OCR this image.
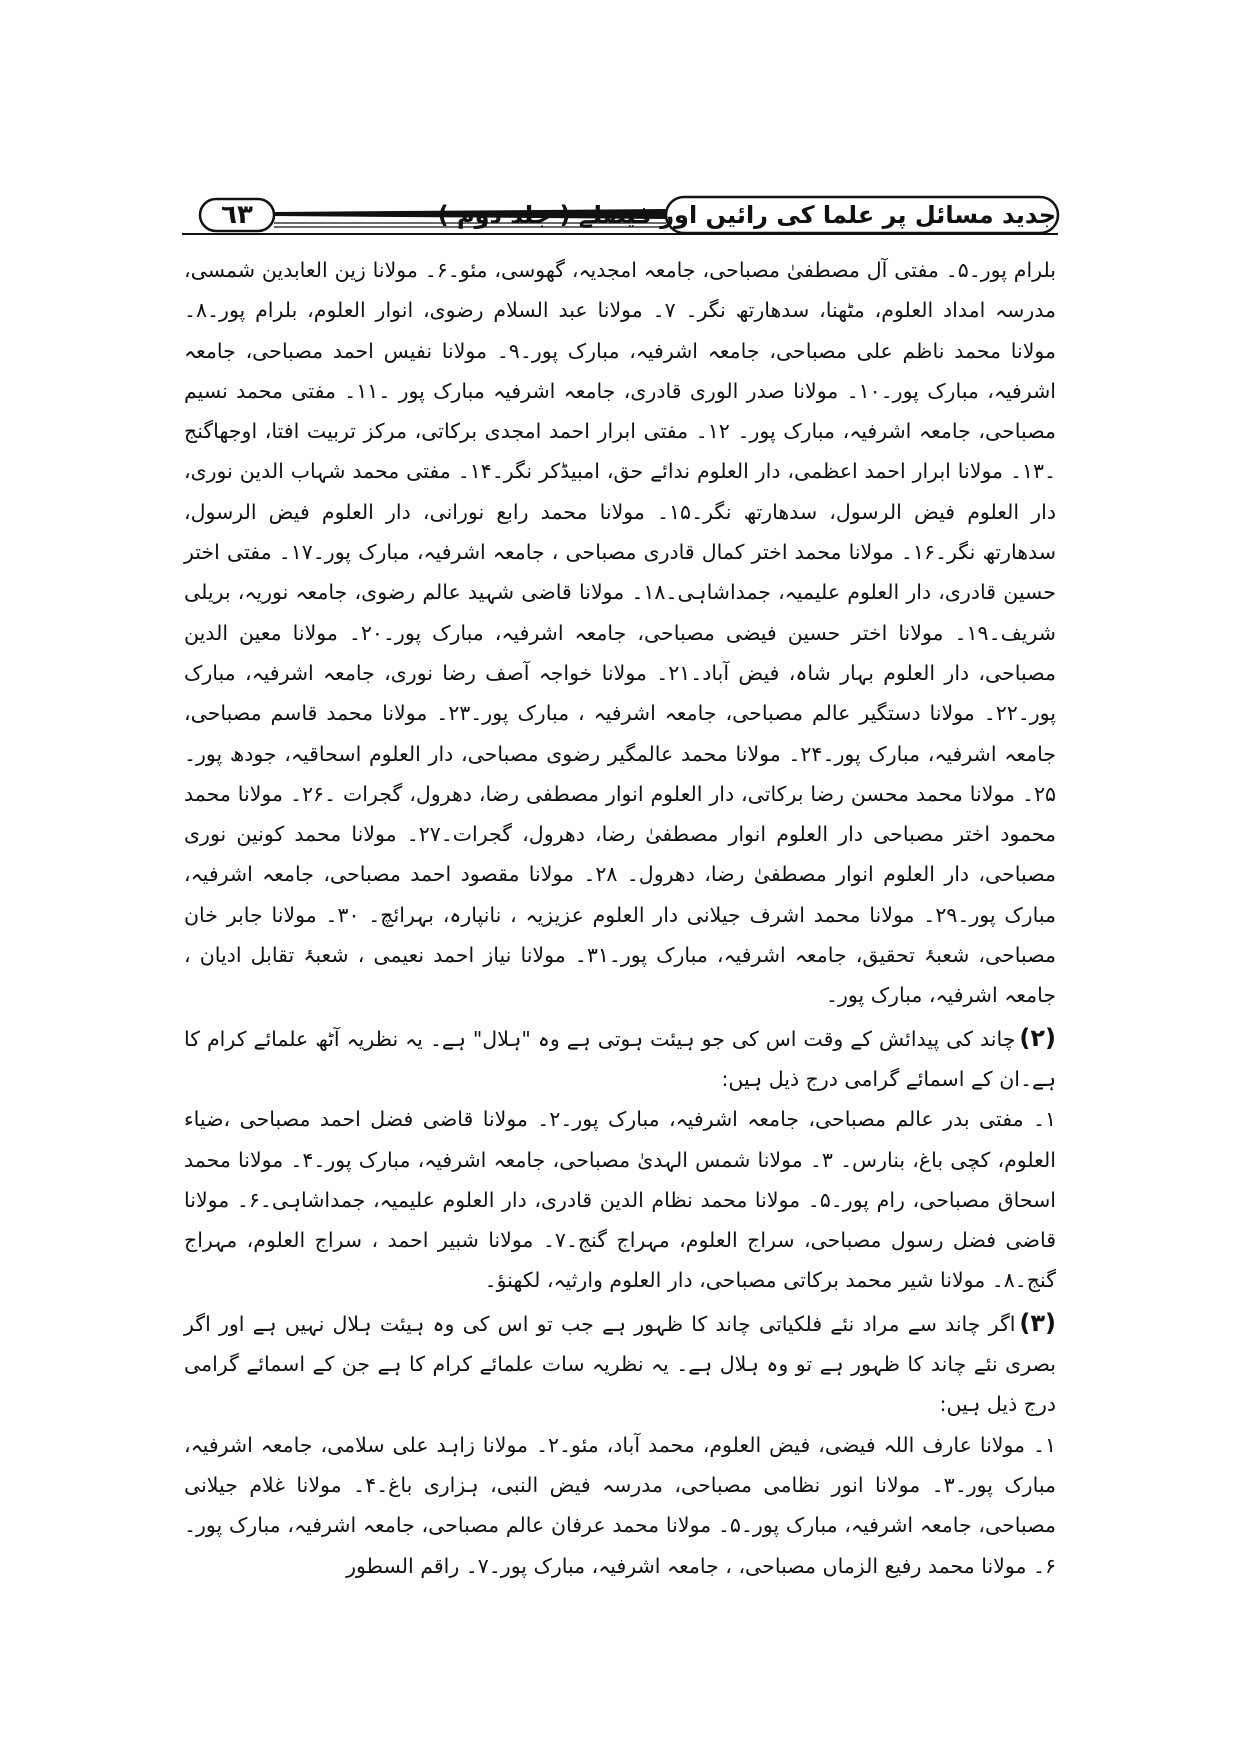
٦٣	جدید مسائل پر علما کی رائیں اور فیصلے ( جلد دوم )

بلرام پور۔۵۔ مفتی آل مصطفیٰ مصباحی، جامعہ امجدیہ، گھوسی، مئو۔۶۔ مولانا زین العابدین شمسی، مدرسہ امداد العلوم، مٹھنا، سدھارتھ نگر۔ ۷۔ مولانا عبد السلام رضوی، انوار العلوم، بلرام پور۔۸۔ مولانا محمد ناظم علی مصباحی، جامعہ اشرفیہ، مبارک پور۔۹۔ مولانا نفیس احمد مصباحی، جامعہ اشرفیہ، مبارک پور۔۱۰۔ مولانا صدر الوری قادری، جامعہ اشرفیہ مبارک پور ۔۱۱۔ مفتی محمد نسیم مصباحی، جامعہ اشرفیہ، مبارک پور۔ ۱۲۔ مفتی ابرار احمد امجدی برکاتی، مرکز تربیت افتا، اوجھاگنج ۔۱۳۔ مولانا ابرار احمد اعظمی، دار العلوم ندائے حق، امبیڈکر نگر۔۱۴۔ مفتی محمد شہاب الدین نوری، دار العلوم فیض الرسول، سدھارتھ نگر۔۱۵۔ مولانا محمد رابع نورانی، دار العلوم فیض الرسول، سدھارتھ نگر۔۱۶۔ مولانا محمد اختر کمال قادری مصباحی ، جامعہ اشرفیہ، مبارک پور۔۱۷۔ مفتی اختر حسین قادری، دار العلوم علیمیہ، جمداشاہی۔۱۸۔ مولانا قاضی شہید عالم رضوی، جامعہ نوریہ، بریلی شریف۔۱۹۔ مولانا اختر حسین فیضی مصباحی، جامعہ اشرفیہ، مبارک پور۔۲۰۔ مولانا معین الدین مصباحی، دار العلوم بہار شاہ، فیض آباد۔۲۱۔ مولانا خواجہ آصف رضا نوری، جامعہ اشرفیہ، مبارک پور۔۲۲۔ مولانا دستگیر عالم مصباحی، جامعہ اشرفیہ ، مبارک پور۔۲۳۔ مولانا محمد قاسم مصباحی، جامعہ اشرفیہ، مبارک پور۔۲۴۔ مولانا محمد عالمگیر رضوی مصباحی، دار العلوم اسحاقیہ، جودھ پور۔۲۵۔ مولانا محمد محسن رضا برکاتی، دار العلوم انوار مصطفی رضا، دھرول، گجرات ۔۲۶۔ مولانا محمد محمود اختر مصباحی دار العلوم انوار مصطفیٰ رضا، دھرول، گجرات۔۲۷۔ مولانا محمد کونین نوری مصباحی، دار العلوم انوار مصطفیٰ رضا، دھرول۔ ۲۸۔ مولانا مقصود احمد مصباحی، جامعہ اشرفیہ، مبارک پور۔۲۹۔ مولانا محمد اشرف جیلانی دار العلوم عزیزیہ ، نانپارہ، بہرائچ۔ ۳۰۔ مولانا جابر خان مصباحی، شعبۂ تحقیق، جامعہ اشرفیہ، مبارک پور۔۳۱۔ مولانا نیاز احمد نعیمی ، شعبۂ تقابل ادیان ، جامعہ اشرفیہ، مبارک پور۔

(۲)چاند کی پیدائش کے وقت اس کی جو ہیئت ہوتی ہے وہ "ہلال" ہے۔ یہ نظریہ آٹھ علمائے کرام کا ہے۔ان کے اسمائے گرامی درج ذیل ہیں:

۱۔ مفتی بدر عالم مصباحی، جامعہ اشرفیہ، مبارک پور۔۲۔ مولانا قاضی فضل احمد مصباحی ،ضیاء العلوم، کچی باغ، بنارس۔ ۳۔ مولانا شمس الہدیٰ مصباحی، جامعہ اشرفیہ، مبارک پور۔۴۔ مولانا محمد اسحاق مصباحی، رام پور۔۵۔ مولانا محمد نظام الدین قادری، دار العلوم علیمیہ، جمداشاہی۔۶۔ مولانا قاضی فضل رسول مصباحی، سراج العلوم، مہراج گنج۔۷۔ مولانا شبیر احمد ، سراج العلوم، مہراج گنج۔۸۔ مولانا شیر محمد برکاتی مصباحی، دار العلوم وارثیہ، لکھنؤ۔

(۳)اگر چاند سے مراد نئے فلکیاتی چاند کا ظہور ہے جب تو اس کی وہ ہیئت ہلال نہیں ہے اور اگر بصری نئے چاند کا ظہور ہے تو وہ ہلال ہے۔ یہ نظریہ سات علمائے کرام کا ہے جن کے اسمائے گرامی درج ذیل ہیں:

۱۔ مولانا عارف اللہ فیضی، فیض العلوم، محمد آباد، مئو۔۲۔ مولانا زاہد علی سلامی، جامعہ اشرفیہ، مبارک پور۔۳۔ مولانا انور نظامی مصباحی، مدرسہ فیض النبی، ہزاری باغ۔۴۔ مولانا غلام جیلانی مصباحی، جامعہ اشرفیہ، مبارک پور۔۵۔ مولانا محمد عرفان عالم مصباحی، جامعہ اشرفیہ، مبارک پور۔۶۔ مولانا محمد رفیع الزماں مصباحی، ، جامعہ اشرفیہ، مبارک پور۔۷۔ راقم السطور
